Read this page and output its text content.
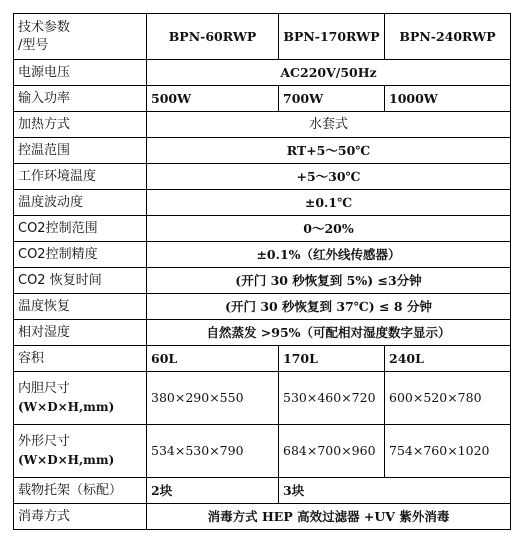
技术参数
/型号	BPN-60RWP	BPN-170RWP	BPN-240RWP
电源电压	AC220V/50Hz		
输入功率	500W	700W	1000W
加热方式	水套式		
控温范围	RT+5～50℃		
工作环境温度	+5～30℃		
温度波动度	±0.1℃		
CO2控制范围	0～20%		
CO2控制精度	±0.1%（红外线传感器）		
CO2 恢复时间	(开门 30 秒恢复到 5%) ≤3分钟		
温度恢复	(开门 30 秒恢复到 37℃) ≤ 8 分钟		
相对湿度	自然蒸发 >95%（可配相对湿度数字显示）		
容积	60L	170L	240L
内胆尺寸
(W×D×H,mm)	380×290×550	530×460×720	600×520×780
外形尺寸
(W×D×H,mm)	534×530×790	684×700×960	754×760×1020
载物托架（标配）	2块	3块	
消毒方式	消毒方式 HEP 高效过滤器 +UV 紫外消毒		
